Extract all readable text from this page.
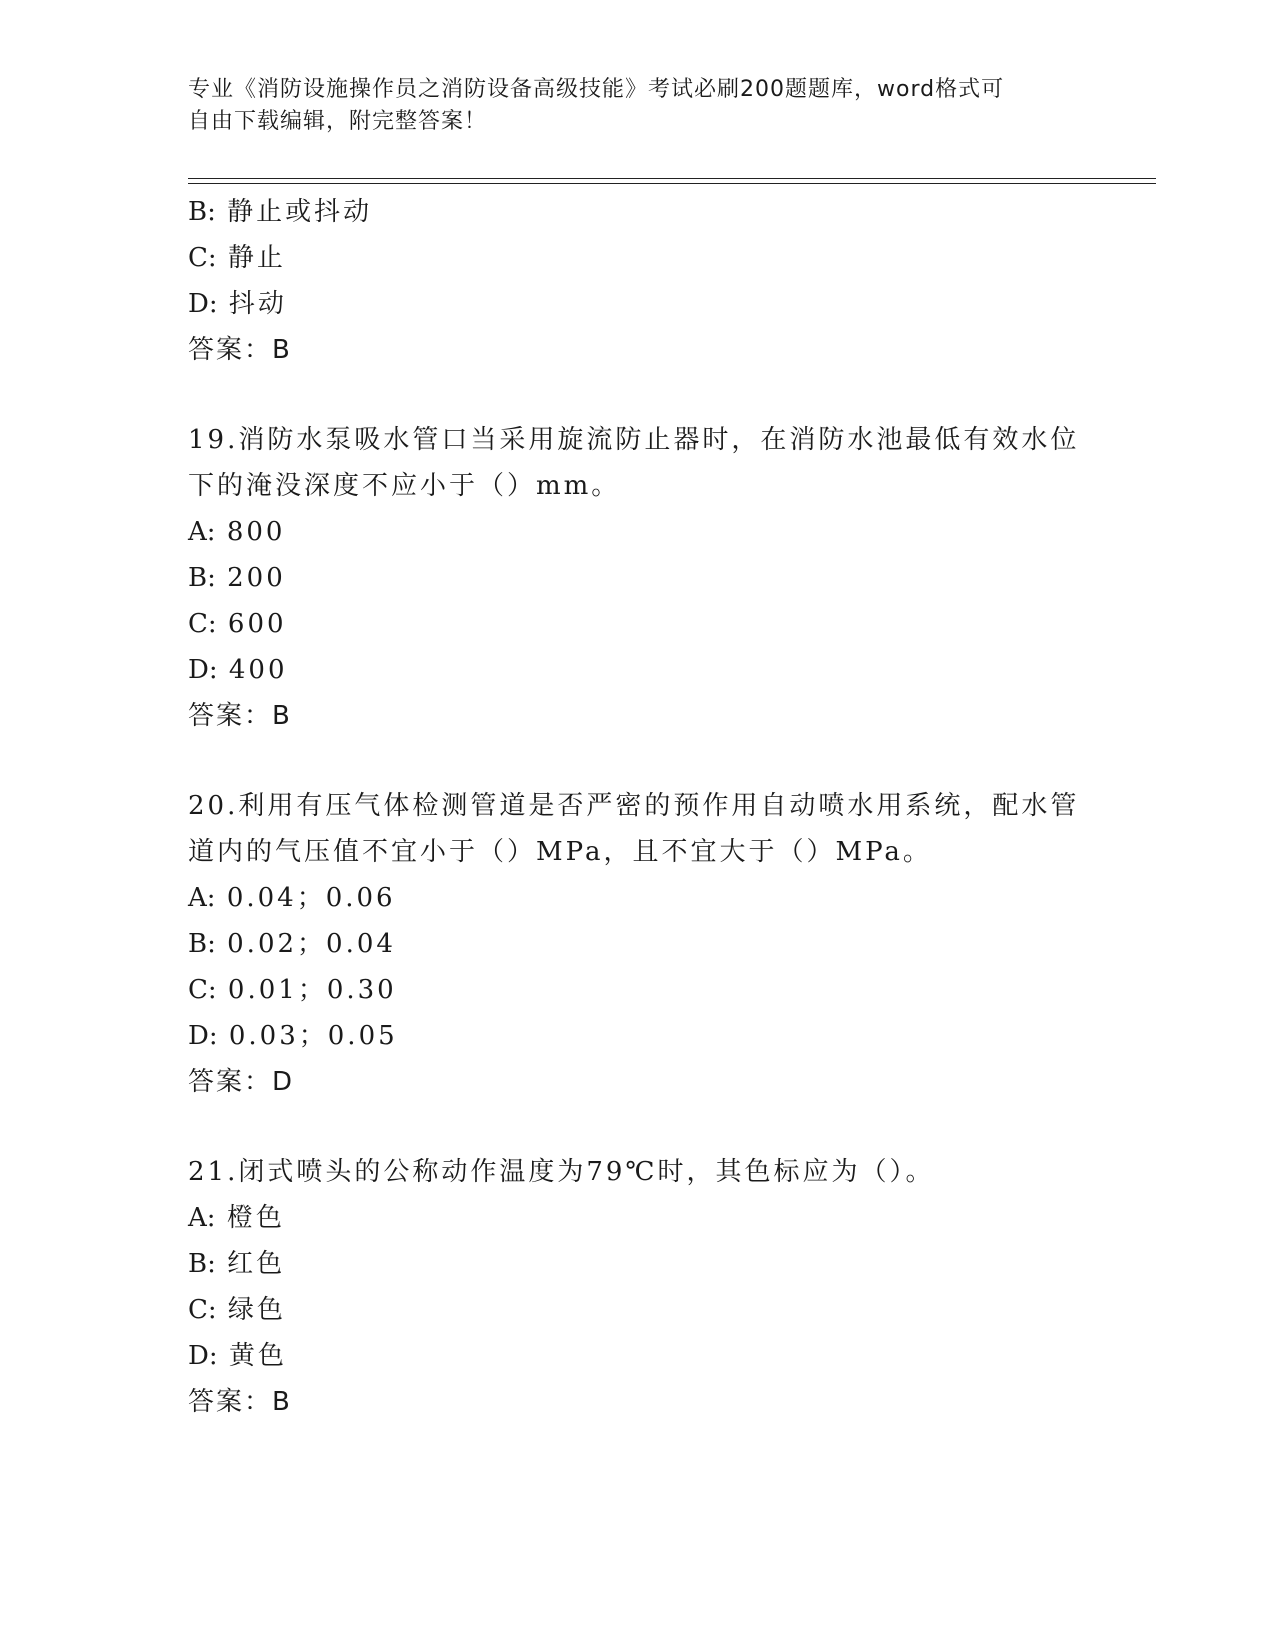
专业《消防设施操作员之消防设备高级技能》考试必刷200题题库，word格式可
自由下载编辑，附完整答案！
B: 静止或抖动
C: 静止
D: 抖动
答案：B
19.消防水泵吸水管口当采用旋流防止器时，在消防水池最低有效水位
下的淹没深度不应小于（）mm。
A: 800
B: 200
C: 600
D: 400
答案：B
20.利用有压气体检测管道是否严密的预作用自动喷水用系统，配水管
道内的气压值不宜小于（）MPa，且不宜大于（）MPa。
A: 0.04；0.06
B: 0.02；0.04
C: 0.01；0.30
D: 0.03；0.05
答案：D
21.闭式喷头的公称动作温度为79℃时，其色标应为（）。
A: 橙色
B: 红色
C: 绿色
D: 黄色
答案：B
